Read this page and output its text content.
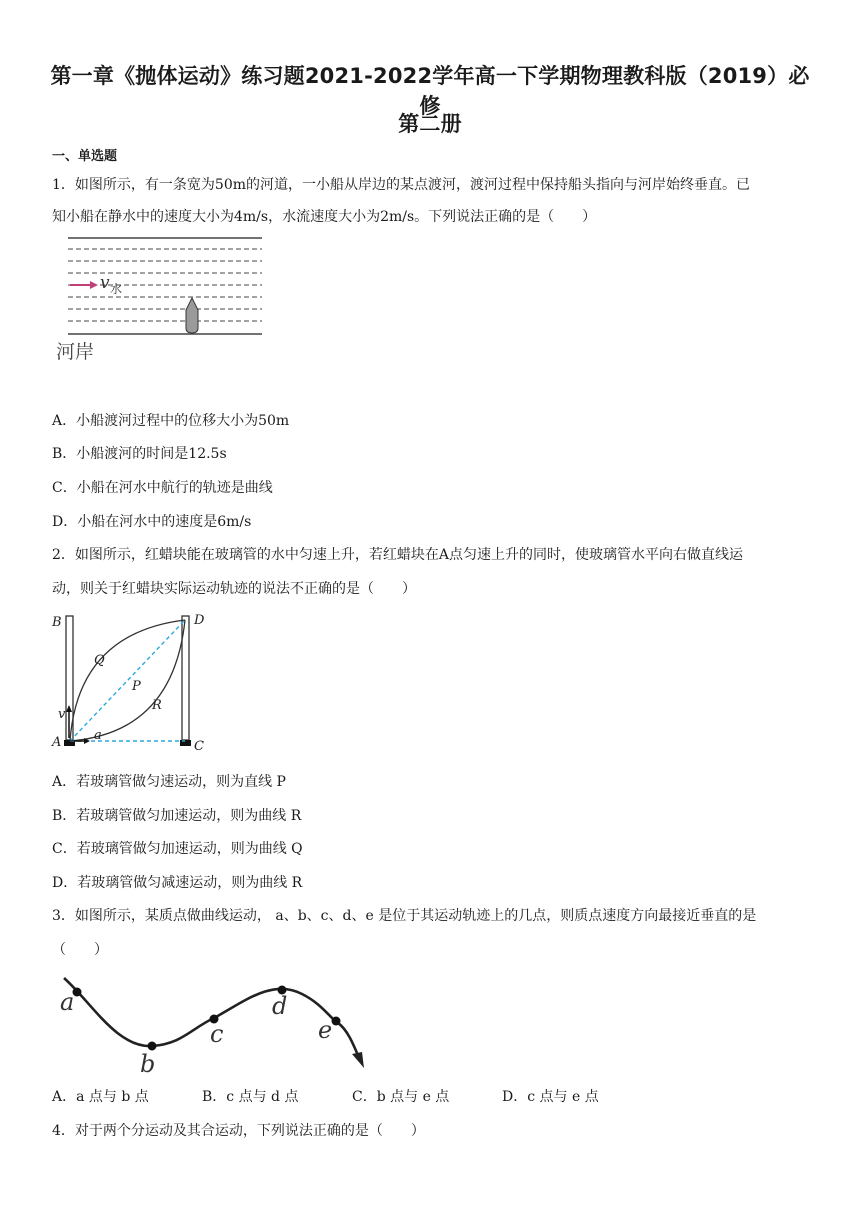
第一章《抛体运动》练习题2021-2022学年高一下学期物理教科版（2019）必修
第二册
一、单选题
1．如图所示，有一条宽为50m的河道，一小船从岸边的某点渡河，渡河过程中保持船头指向与河岸始终垂直。已
知小船在静水中的速度大小为4m/s，水流速度大小为2m/s。下列说法正确的是（　　）
v 水
河岸
A．小船渡河过程中的位移大小为50m
B．小船渡河的时间是12.5s
C．小船在河水中航行的轨迹是曲线
D．小船在河水中的速度是6m/s
2．如图所示，红蜡块能在玻璃管的水中匀速上升，若红蜡块在A点匀速上升的同时，使玻璃管水平向右做直线运
动，则关于红蜡块实际运动轨迹的说法不正确的是（　　）
B	D
Q
P
R
v
A	a
C
A．若玻璃管做匀速运动，则为直线 P
B．若玻璃管做匀加速运动，则为曲线 R
C．若玻璃管做匀加速运动，则为曲线 Q
D．若玻璃管做匀减速运动，则为曲线 R
3．如图所示，某质点做曲线运动， a、b、c、d、e 是位于其运动轨迹上的几点，则质点速度方向最接近垂直的是
（　　）
a
b
c
d
e
A．a 点与 b 点	B．c 点与 d 点	C．b 点与 e 点	D．c 点与 e 点
4．对于两个分运动及其合运动，下列说法正确的是（　　）
